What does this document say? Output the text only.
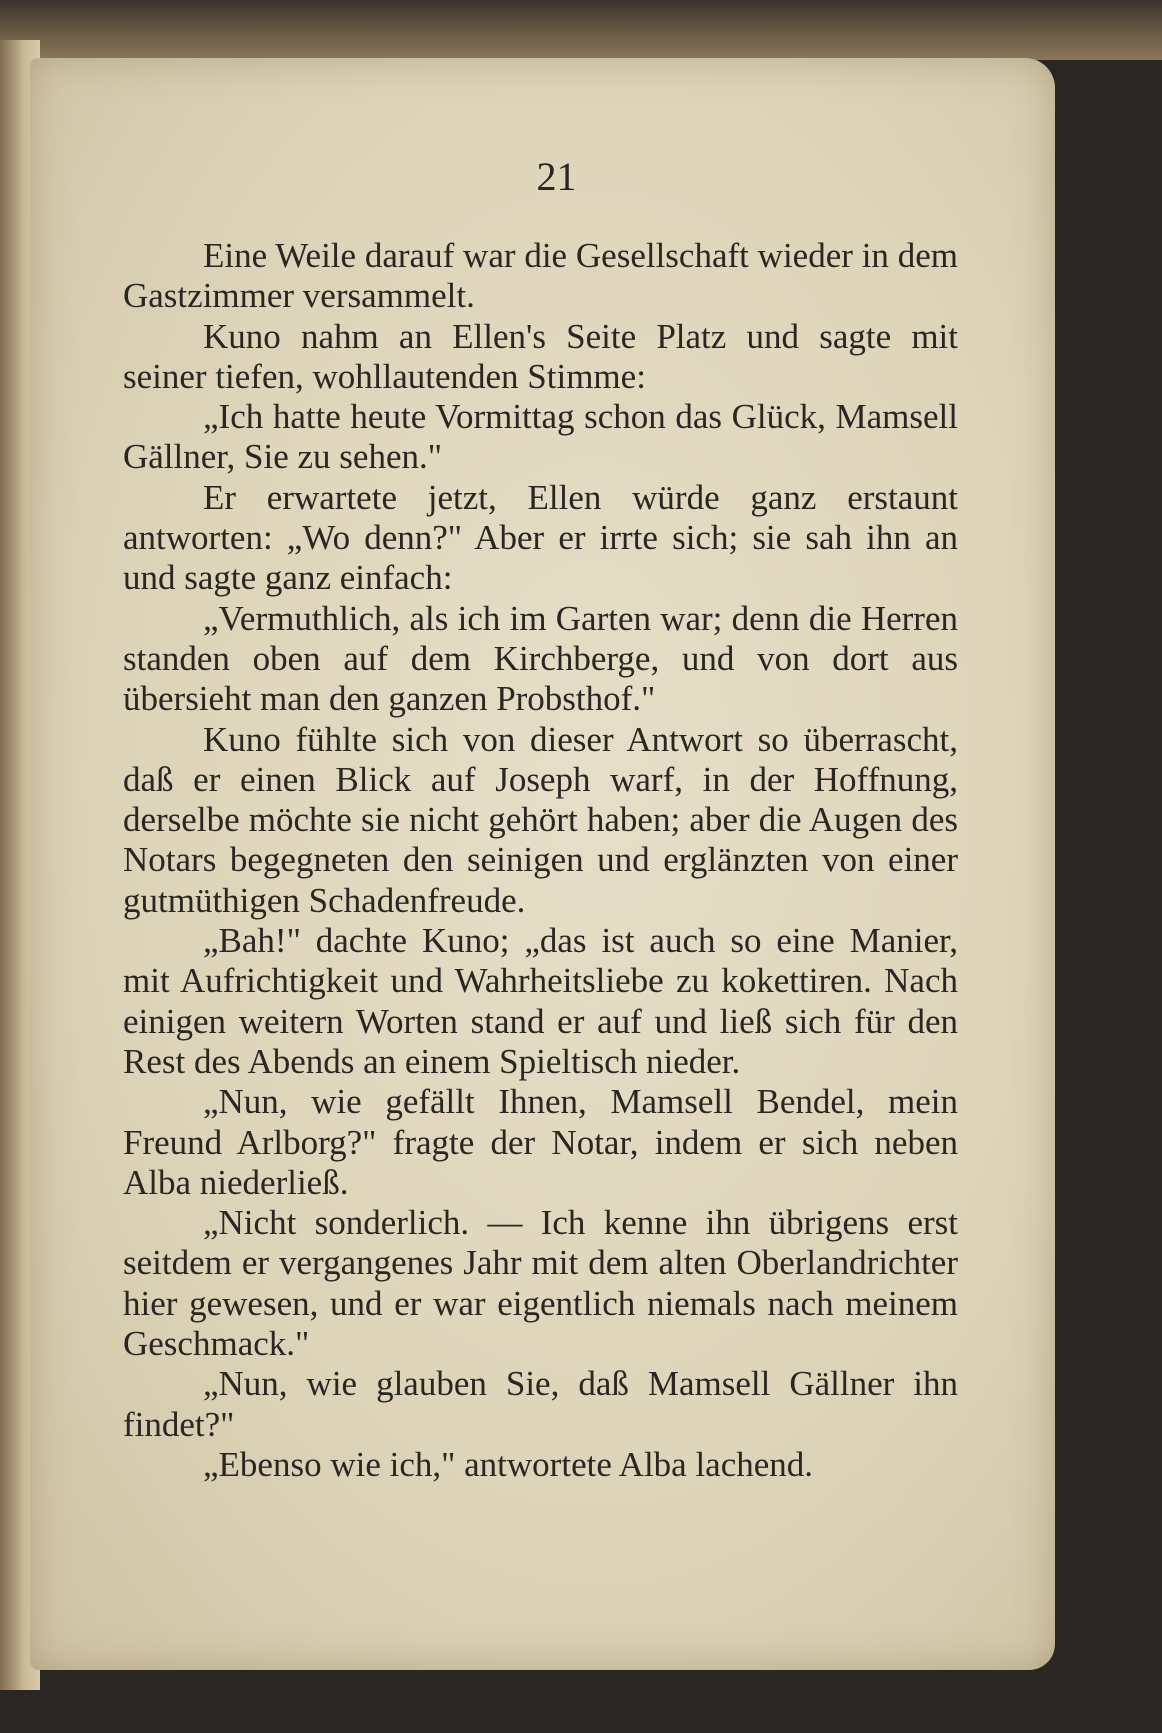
21

Eine Weile darauf war die Gesellschaft wieder in dem Gastzimmer versammelt.

Kuno nahm an Ellen's Seite Platz und sagte mit seiner tiefen, wohllautenden Stimme:

„Ich hatte heute Vormittag schon das Glück, Mamsell Gällner, Sie zu sehen."

Er erwartete jetzt, Ellen würde ganz erstaunt antworten: „Wo denn?" Aber er irrte sich; sie sah ihn an und sagte ganz einfach:

„Vermuthlich, als ich im Garten war; denn die Herren standen oben auf dem Kirchberge, und von dort aus übersieht man den ganzen Probsthof."

Kuno fühlte sich von dieser Antwort so überrascht, daß er einen Blick auf Joseph warf, in der Hoffnung, derselbe möchte sie nicht gehört haben; aber die Augen des Notars begegneten den seinigen und erglänzten von einer gutmüthigen Schadenfreude.

„Bah!" dachte Kuno; „das ist auch so eine Manier, mit Aufrichtigkeit und Wahrheitsliebe zu kokettiren. Nach einigen weitern Worten stand er auf und ließ sich für den Rest des Abends an einem Spieltisch nieder.

„Nun, wie gefällt Ihnen, Mamsell Bendel, mein Freund Arlborg?" fragte der Notar, indem er sich neben Alba niederließ.

„Nicht sonderlich. — Ich kenne ihn übrigens erst seitdem er vergangenes Jahr mit dem alten Oberlandrichter hier gewesen, und er war eigentlich niemals nach meinem Geschmack."

„Nun, wie glauben Sie, daß Mamsell Gällner ihn findet?"

„Ebenso wie ich," antwortete Alba lachend.
